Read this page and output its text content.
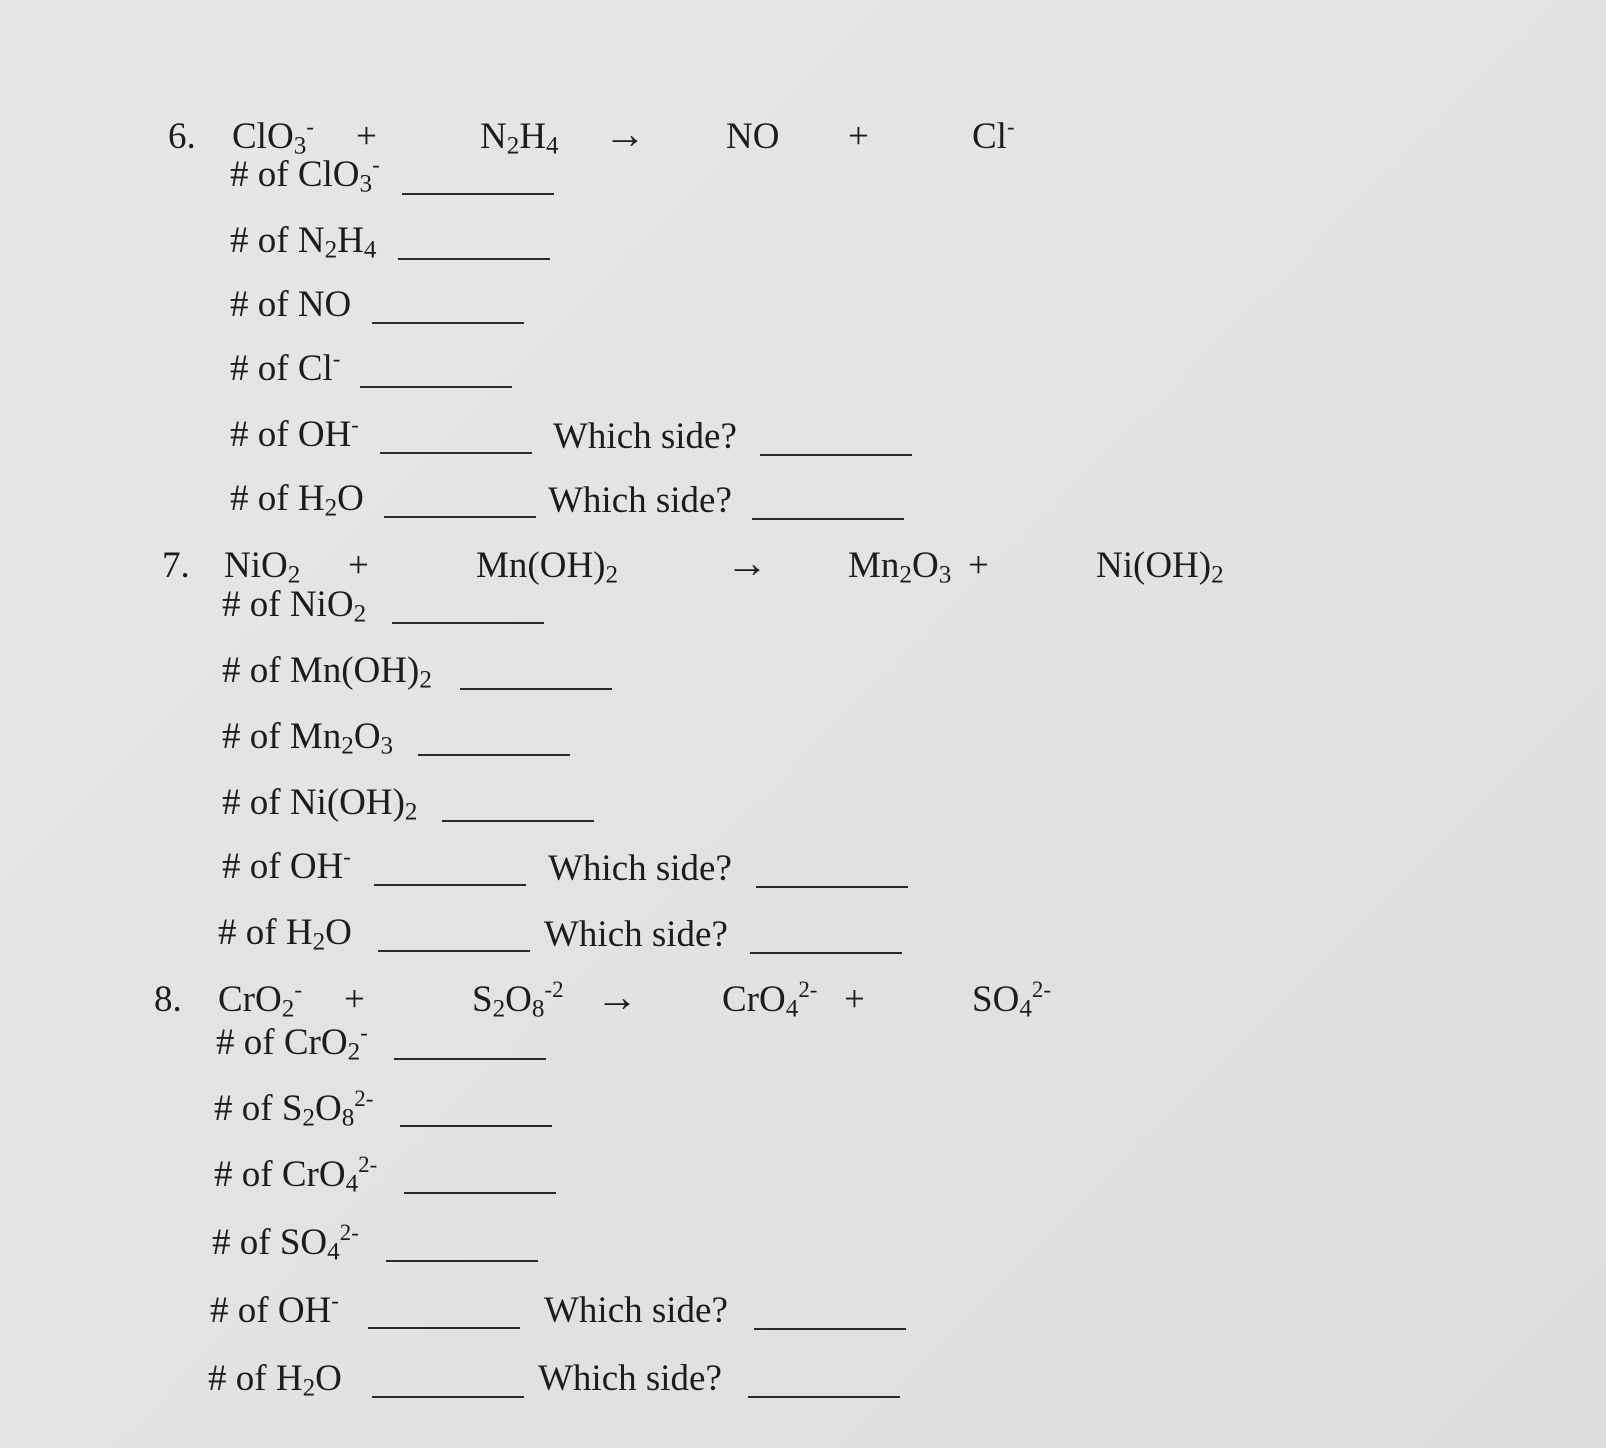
6. ClO$_3$- +	$N_2H_4$ → NO +	Cl-
# of ClO$_3$-
# of $N_2H_4$
# of NO
# of Cl-
# of OH-	Which side?
# of $H_2O$	Which side?
7. NiO$_2$ +	$Mn(OH)_2$	→ $Mn_2O_3$ +	$Ni(OH)_2$
# of NiO$_2$
# of $Mn(OH)_2$
# of $Mn_2O_3$
# of $Ni(OH)_2$
# of OH-	Which side?
# of $H_2O$	Which side?
8. CrO$_2$- +	$S_2O_8^{-2} \to CrO_4^{2-}$ +	$SO_4^{2-}$
# of CrO$_2$-
# of $S_2O_8^{2-}$
# of CrO$_4^{2-}$
# of $SO_4^{2-}$
# of OH-	Which side?
# of $H_2O$	Which side?
